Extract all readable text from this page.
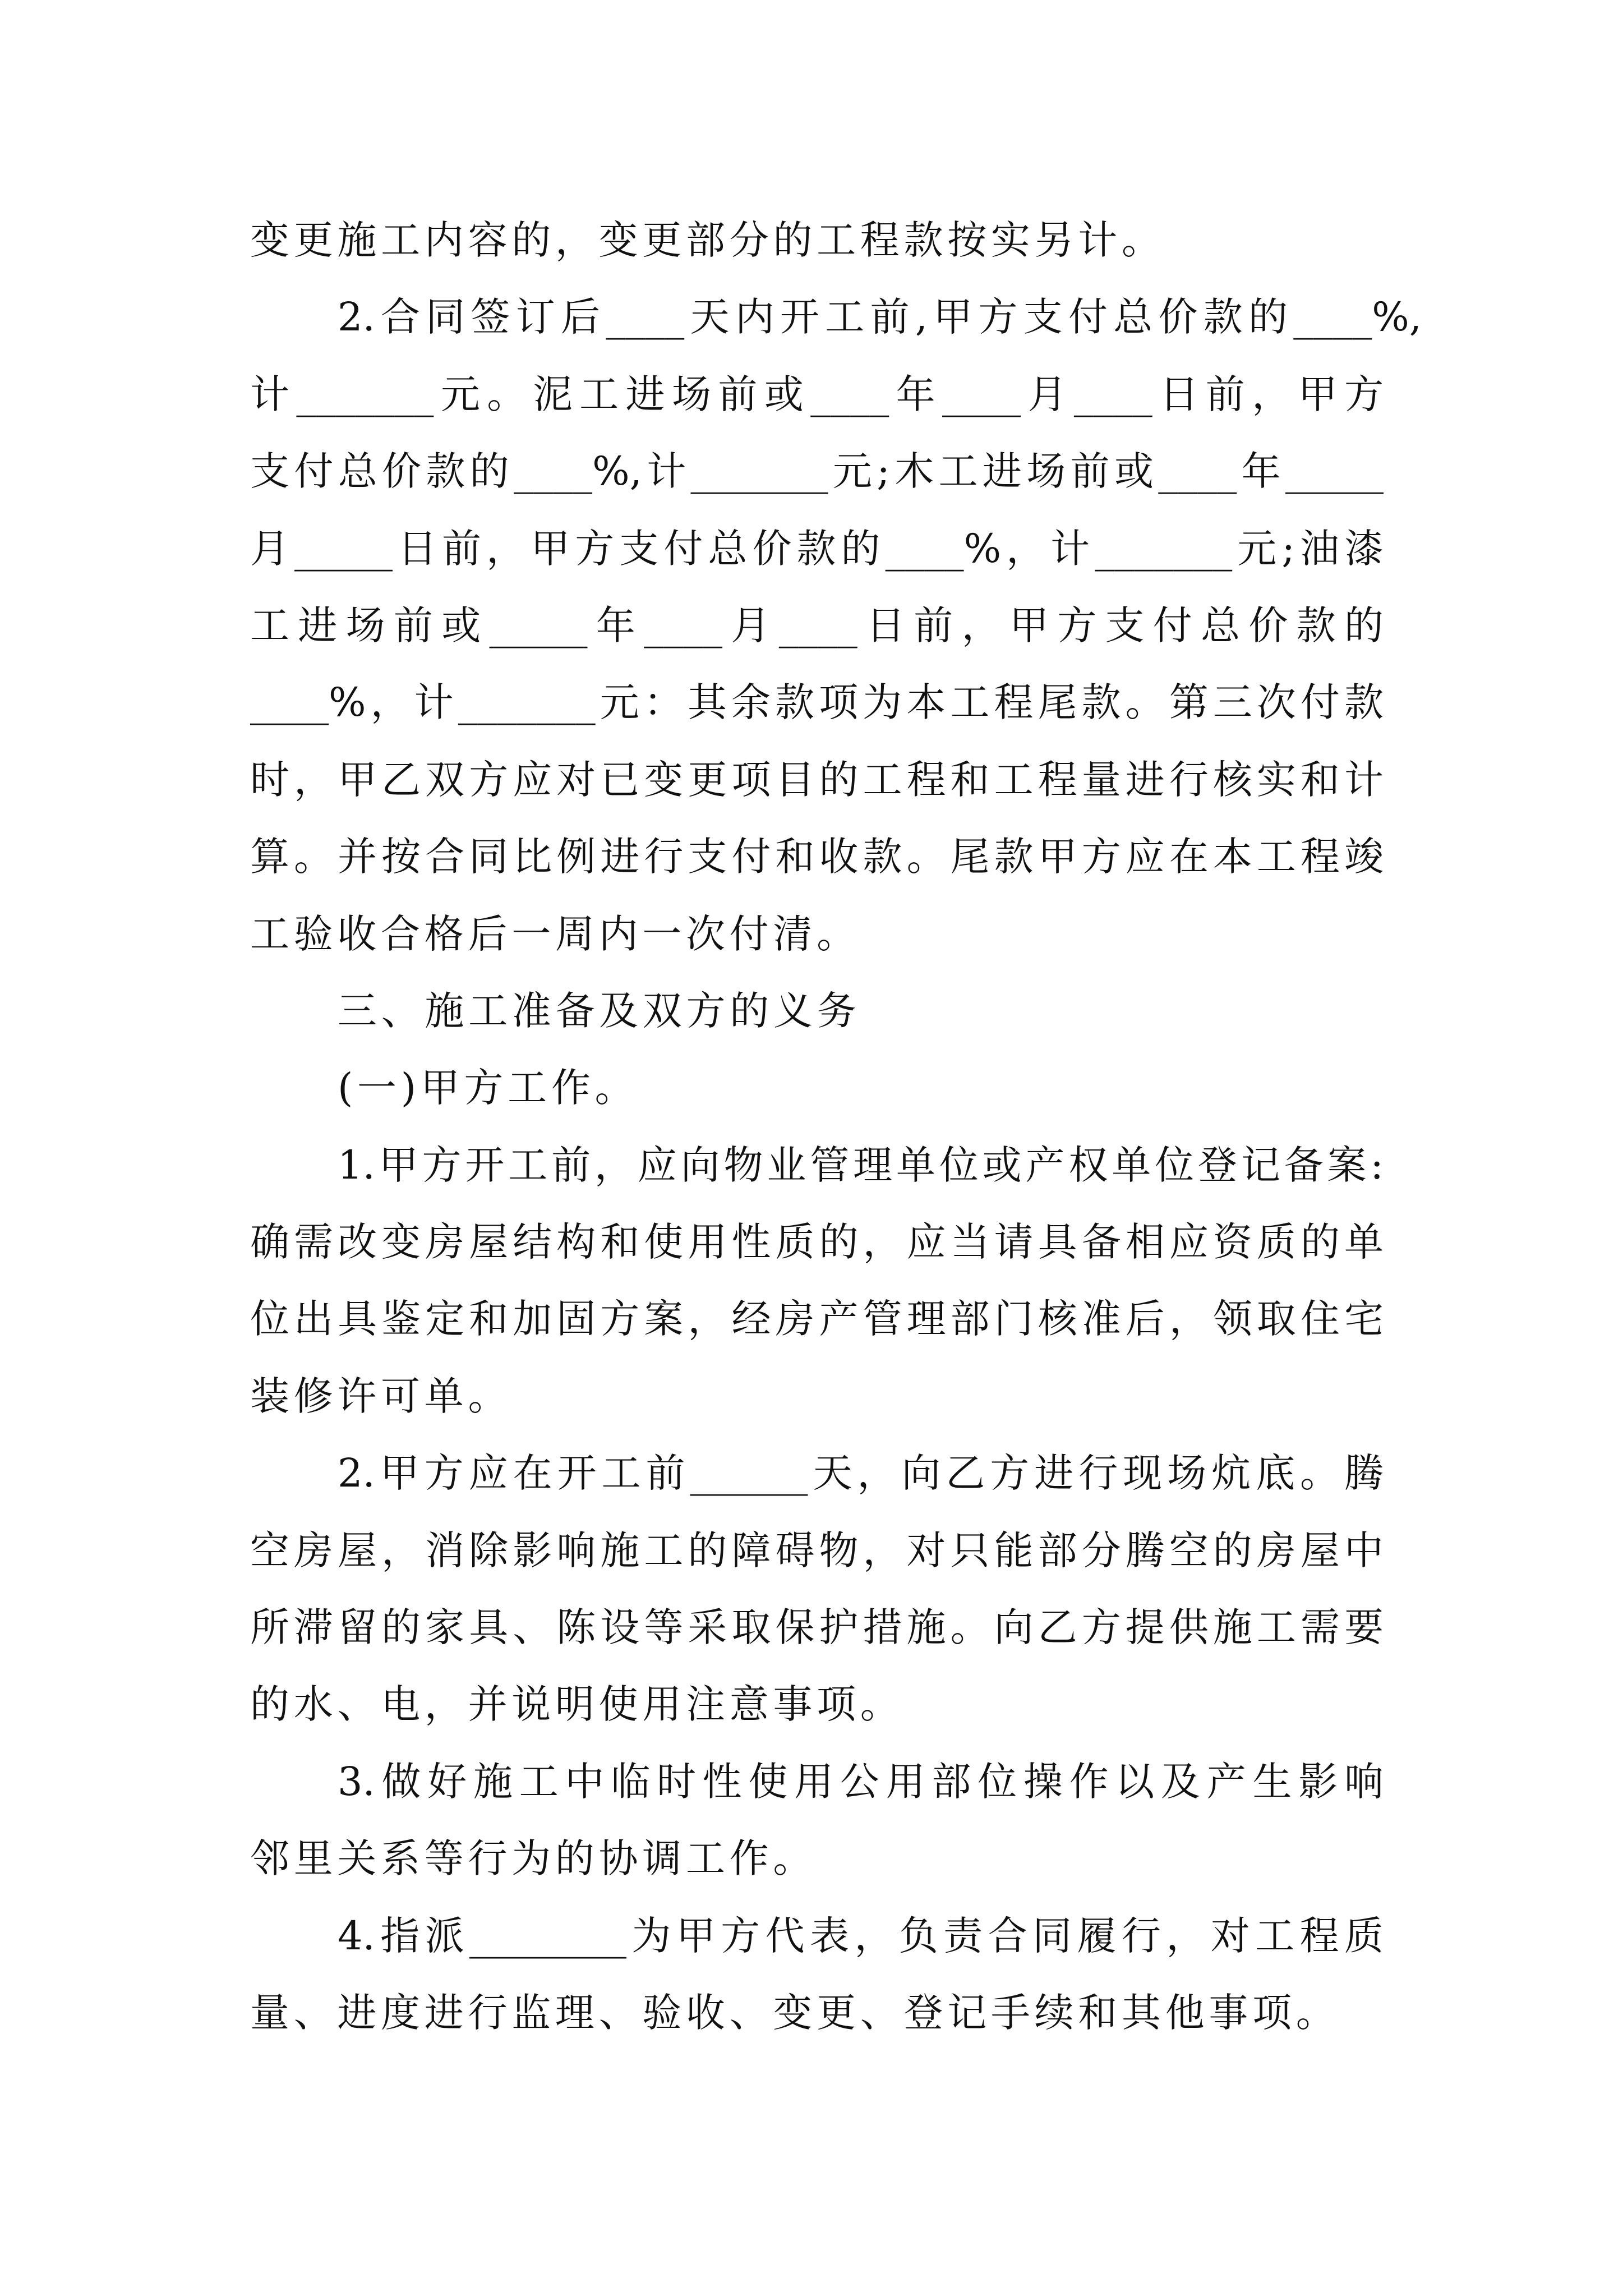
变更施工内容的，变更部分的工程款按实另计。
2.合同签订后____天内开工前,甲方支付总价款的____%,
计_______元。泥工进场前或____年____月____日前，甲方
支付总价款的____%,计_______元;木工进场前或____年_____
月_____日前，甲方支付总价款的____%，计_______元;油漆
工进场前或_____年____月____日前，甲方支付总价款的
____%，计_______元：其余款项为本工程尾款。第三次付款
时，甲乙双方应对已变更项目的工程和工程量进行核实和计
算。并按合同比例进行支付和收款。尾款甲方应在本工程竣
工验收合格后一周内一次付清。
三、施工准备及双方的义务
(一)甲方工作。
1.甲方开工前，应向物业管理单位或产权单位登记备案:
确需改变房屋结构和使用性质的，应当请具备相应资质的单
位出具鉴定和加固方案，经房产管理部门核准后，领取住宅
装修许可单。
2.甲方应在开工前______天，向乙方进行现场炕底。腾
空房屋，消除影响施工的障碍物，对只能部分腾空的房屋中
所滞留的家具、陈设等采取保护措施。向乙方提供施工需要
的水、电，并说明使用注意事项。
3.做好施工中临时性使用公用部位操作以及产生影响
邻里关系等行为的协调工作。
4.指派________为甲方代表，负责合同履行，对工程质
量、进度进行监理、验收、变更、登记手续和其他事项。
